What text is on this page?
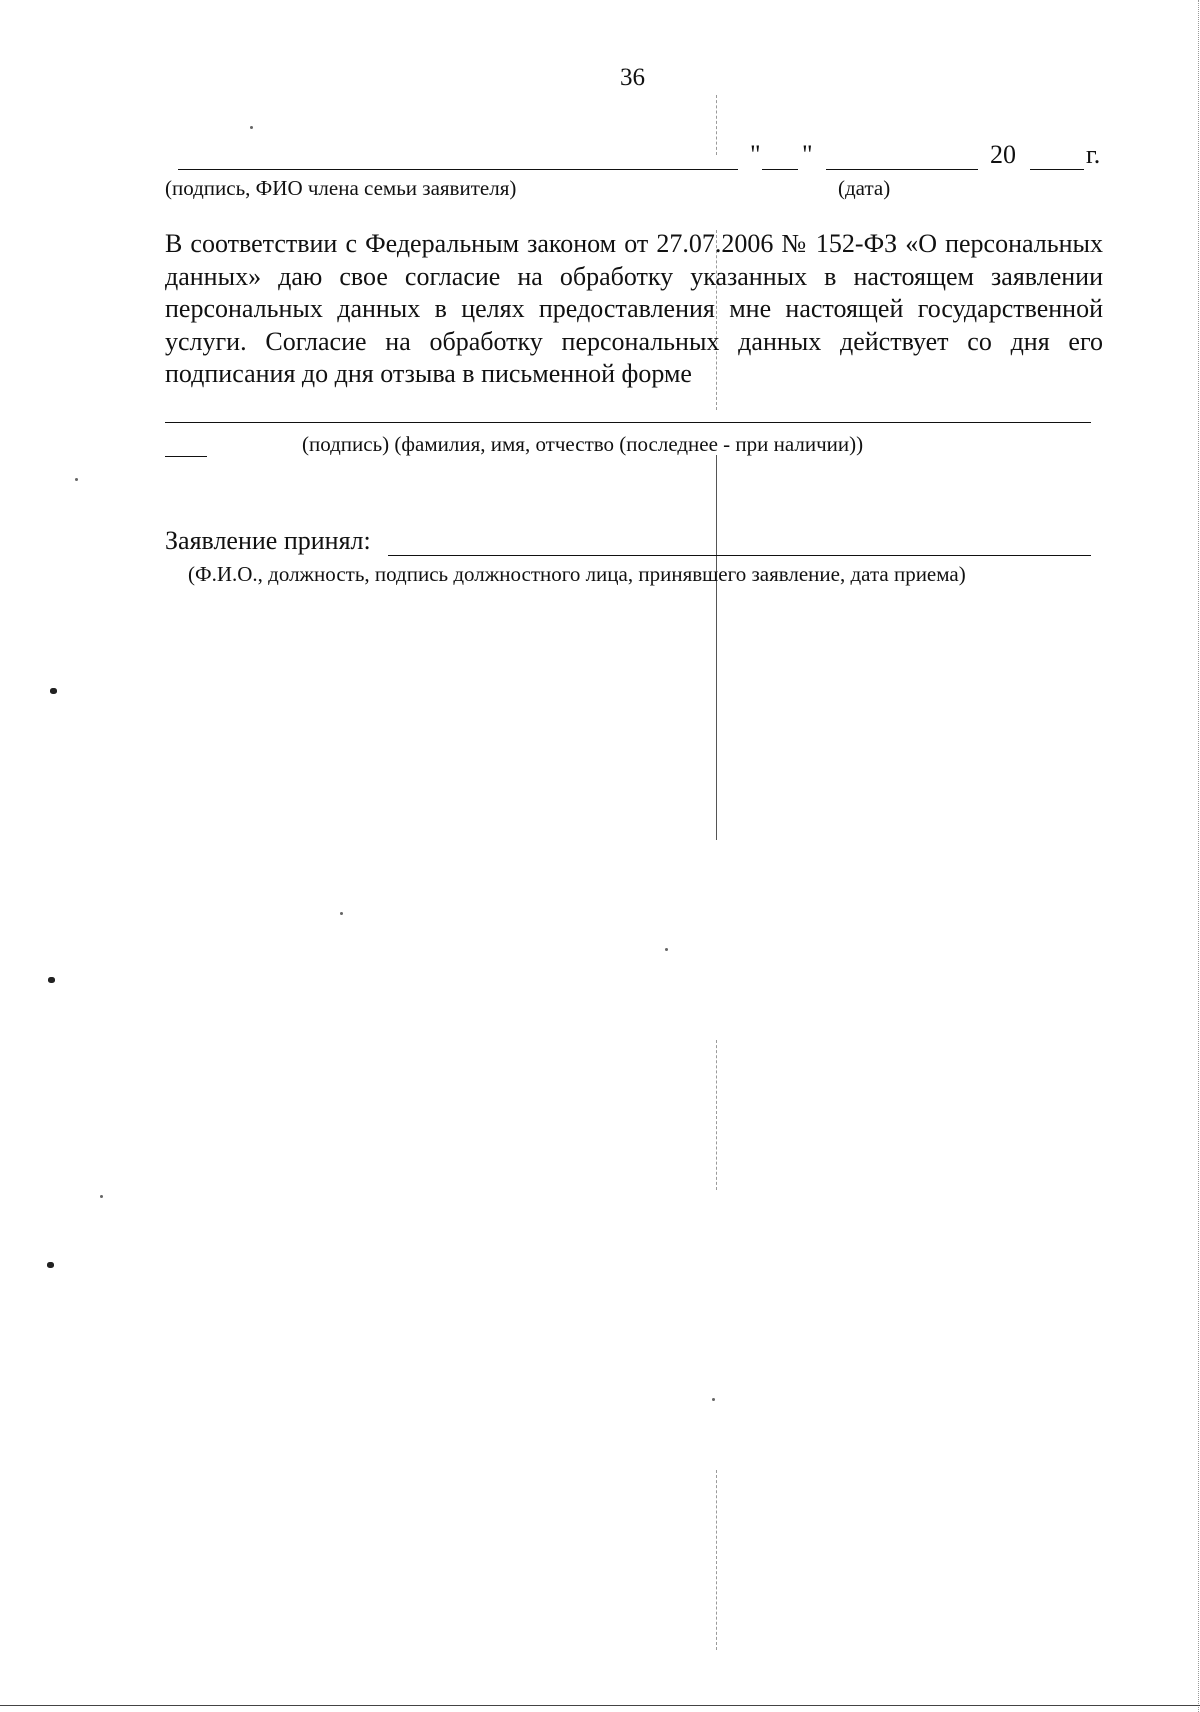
36
" "	20	г.
(подпись, ФИО члена семьи заявителя)	(дата)
В соответствии с Федеральным законом от 27.07.2006 № 152-ФЗ «О персональных данных» даю свое согласие на обработку указанных в настоящем заявлении персональных данных в целях предоставления мне настоящей государственной услуги. Согласие на обработку персональных данных действует со дня его подписания до дня отзыва в письменной форме
(подпись) (фамилия, имя, отчество (последнее - при наличии))
Заявление принял:
(Ф.И.О., должность, подпись должностного лица, принявшего заявление, дата приема)
